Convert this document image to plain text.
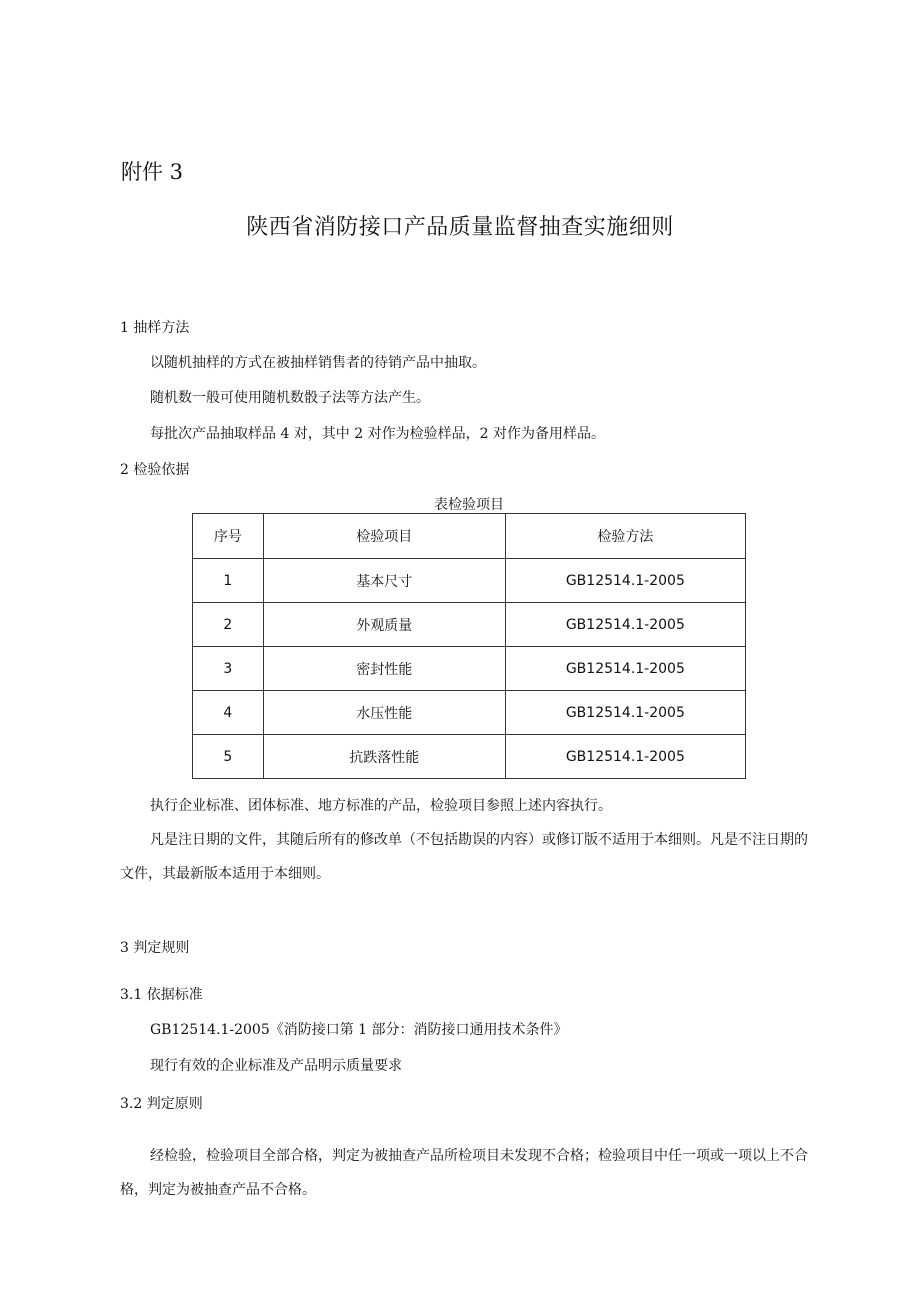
附件 3
陕西省消防接口产品质量监督抽查实施细则
1 抽样方法
以随机抽样的方式在被抽样销售者的待销产品中抽取。
随机数一般可使用随机数骰子法等方法产生。
每批次产品抽取样品 4 对，其中 2 对作为检验样品，2 对作为备用样品。
2 检验依据
表检验项目
序号	检验项目	检验方法
1	基本尺寸	GB12514.1-2005
2	外观质量	GB12514.1-2005
3	密封性能	GB12514.1-2005
4	水压性能	GB12514.1-2005
5	抗跌落性能	GB12514.1-2005
执行企业标准、团体标准、地方标准的产品，检验项目参照上述内容执行。
凡是注日期的文件，其随后所有的修改单（不包括勘误的内容）或修订版不适用于本细则。凡是不注日期的文件，其最新版本适用于本细则。
3 判定规则
3.1 依据标准
GB12514.1-2005《消防接口第 1 部分：消防接口通用技术条件》
现行有效的企业标准及产品明示质量要求
3.2 判定原则
经检验，检验项目全部合格，判定为被抽查产品所检项目未发现不合格；检验项目中任一项或一项以上不合格，判定为被抽查产品不合格。
